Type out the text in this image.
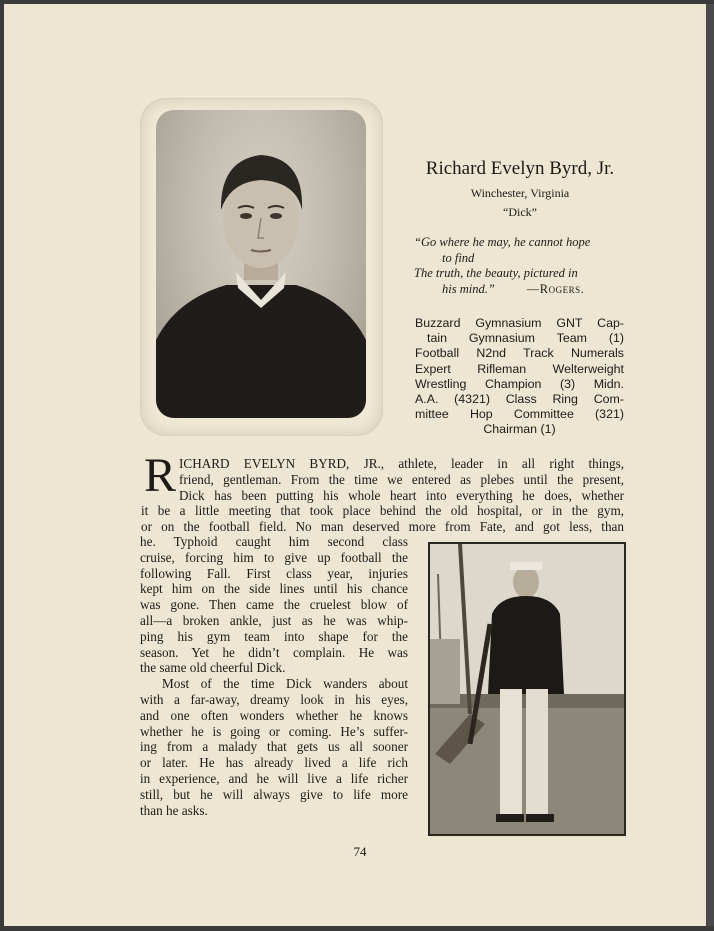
Richard Evelyn Byrd, Jr.
Winchester, Virginia
“Dick”
“Go where he may, he cannot hope
to find
The truth, the beauty, pictured in
his mind.”	—Rogers.
Buzzard Gymnasium GNT Cap-
tain Gymnasium Team (1)
Football N2nd Track Numerals
Expert Rifleman Welterweight
Wrestling Champion (3) Midn.
A.A. (4321) Class Ring Com-
mittee Hop Committee (321)
Chairman (1)
R ICHARD EVELYN BYRD, JR., athlete, leader in all right things,
friend, gentleman. From the time we entered as plebes until the present,
Dick has been putting his whole heart into everything he does, whether
it be a little meeting that took place behind the old hospital, or in the gym,
or on the football field. No man deserved more from Fate, and got less, than
he. Typhoid caught him second class
cruise, forcing him to give up football the
following Fall. First class year, injuries
kept him on the side lines until his chance
was gone. Then came the cruelest blow of
all—a broken ankle, just as he was whip-
ping his gym team into shape for the
season. Yet he didn’t complain. He was
the same old cheerful Dick.
Most of the time Dick wanders about
with a far-away, dreamy look in his eyes,
and one often wonders whether he knows
whether he is going or coming. He’s suffer-
ing from a malady that gets us all sooner
or later. He has already lived a life rich
in experience, and he will live a life richer
still, but he will always give to life more
than he asks.
74
